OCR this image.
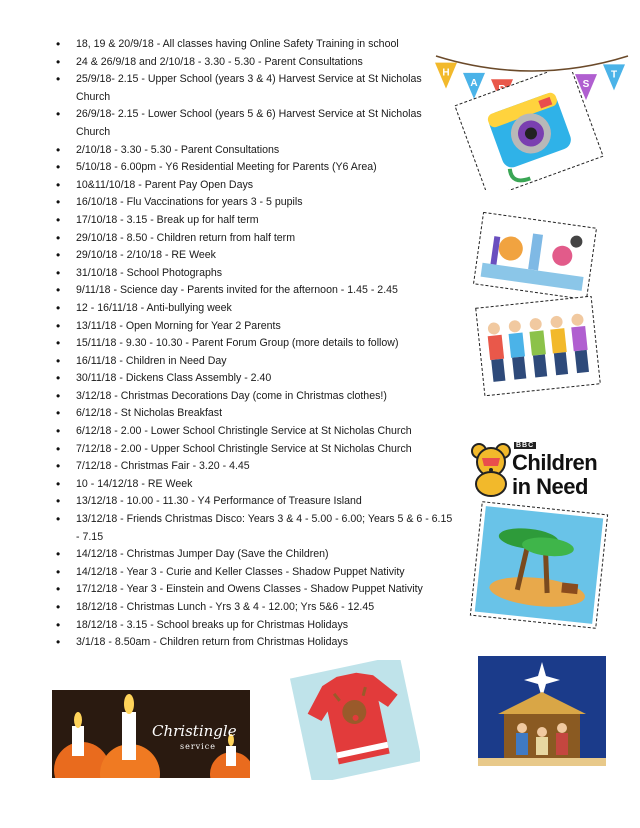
• 18, 19 & 20/9/18 - All classes having Online Safety Training in school
• 24 & 26/9/18 and 2/10/18 - 3.30 - 5.30 - Parent Consultations
• 25/9/18- 2.15 - Upper School (years 3 & 4) Harvest Service at St Nicholas Church
• 26/9/18- 2.15 - Lower School (years 5 & 6) Harvest Service at St Nicholas Church
• 2/10/18 - 3.30 - 5.30 - Parent Consultations
• 5/10/18 - 6.00pm - Y6 Residential Meeting for Parents (Y6 Area)
• 10&11/10/18 - Parent Pay Open Days
• 16/10/18 - Flu Vaccinations for years 3 - 5 pupils
• 17/10/18 - 3.15 - Break up for half term
• 29/10/18 - 8.50 - Children return from half term
• 29/10/18 - 2/10/18 - RE Week
• 31/10/18 - School Photographs
• 9/11/18 - Science day - Parents invited for the afternoon - 1.45 - 2.45
• 12 - 16/11/18 - Anti-bullying week
• 13/11/18 - Open Morning for Year 2 Parents
• 15/11/18 - 9.30 - 10.30 - Parent Forum Group (more details to follow)
• 16/11/18 - Children in Need Day
• 30/11/18 - Dickens Class Assembly - 2.40
• 3/12/18 - Christmas Decorations Day (come in Christmas clothes!)
• 6/12/18 - St Nicholas Breakfast
• 6/12/18 - 2.00 - Lower School Christingle Service at St Nicholas Church
• 7/12/18 - 2.00 - Upper School Christingle Service at St Nicholas Church
• 7/12/18 - Christmas Fair - 3.20 - 4.45
• 10 - 14/12/18 - RE Week
• 13/12/18 - 10.00 - 11.30 - Y4 Performance of Treasure Island
• 13/12/18 - Friends Christmas Disco: Years 3 & 4 - 5.00 - 6.00; Years 5 & 6 - 6.15 - 7.15
• 14/12/18 - Christmas Jumper Day (Save the Children)
• 14/12/18 - Year 3 - Curie and Keller Classes - Shadow Puppet Nativity
• 17/12/18 - Year 3 - Einstein and Owens Classes - Shadow Puppet Nativity
• 18/12/18 - Christmas Lunch - Yrs 3 & 4 - 12.00; Yrs 5&6 - 12.45
• 18/12/18 - 3.15 - School breaks up for Christmas Holidays
• 3/1/18 - 8.50am - Children return from Christmas Holidays
H
A	S
T
BBC
Children
in Need
Christingle
service
